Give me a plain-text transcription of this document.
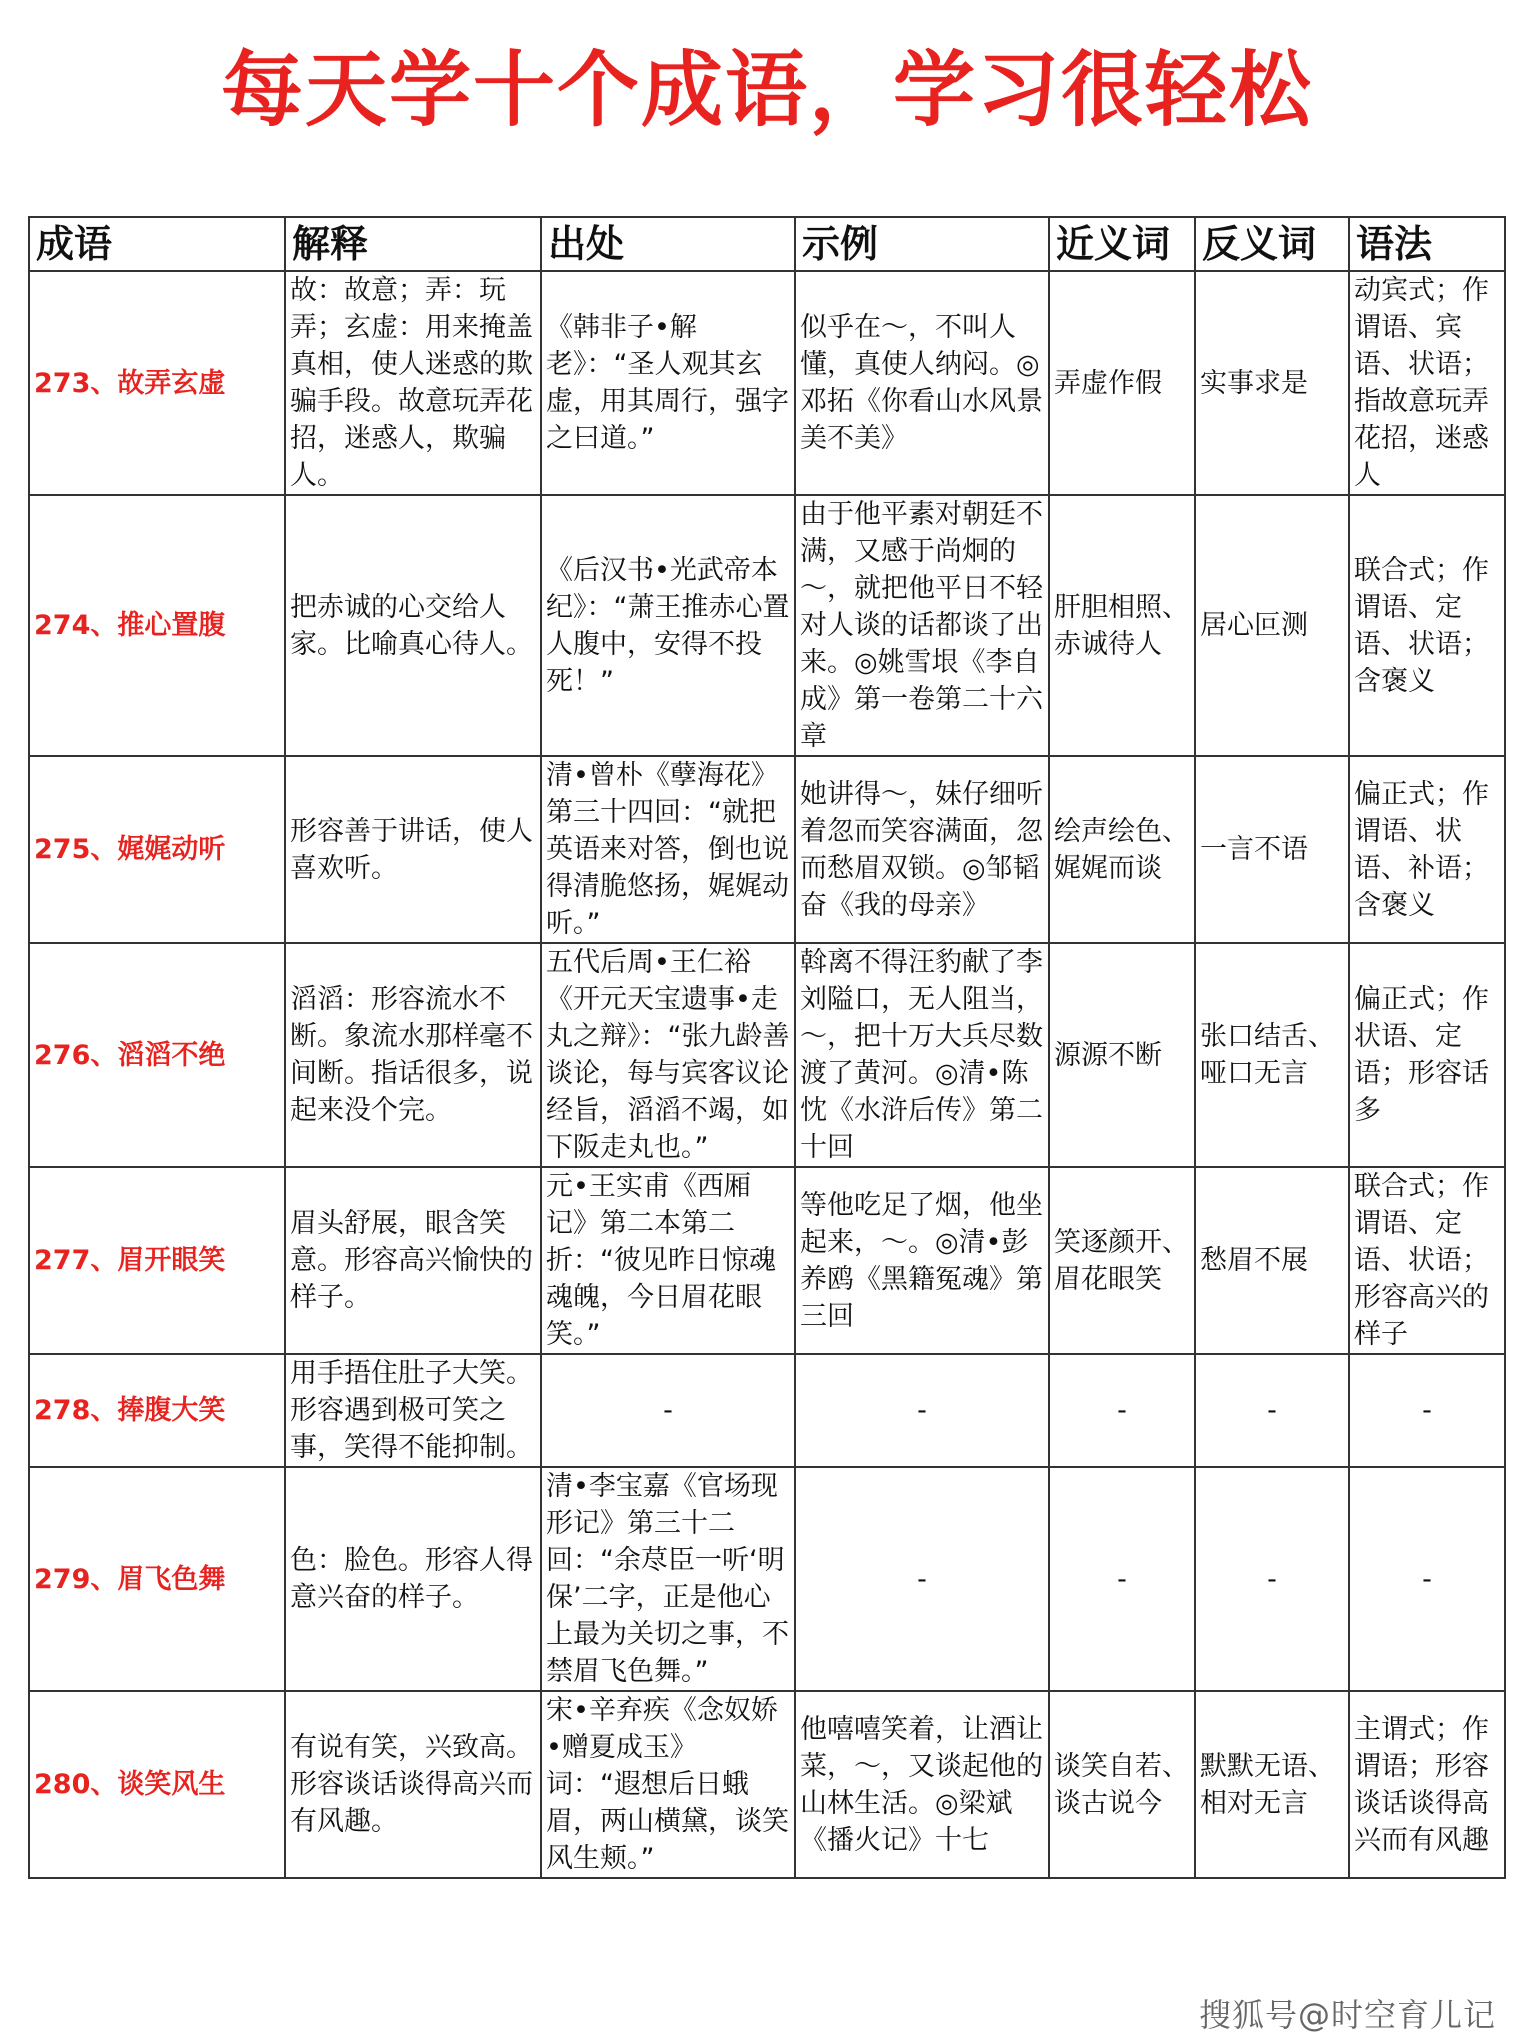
每天学十个成语，学习很轻松
成语	解释	出处	示例	近义词	反义词	语法
273、故弄玄虚	故：故意；弄：玩弄；玄虚：用来掩盖真相，使人迷惑的欺骗手段。故意玩弄花招，迷惑人，欺骗人。	《韩非子•解老》：“圣人观其玄虚，用其周行，强字之曰道。”	似乎在～，不叫人懂，真使人纳闷。◎邓拓《你看山水风景美不美》	弄虚作假	实事求是	动宾式；作谓语、宾语、状语；指故意玩弄花招，迷惑人
274、推心置腹	把赤诚的心交给人家。比喻真心待人。	《后汉书•光武帝本纪》：“萧王推赤心置人腹中，安得不投死！”	由于他平素对朝廷不满，又感于尚炯的～，就把他平日不轻对人谈的话都谈了出来。◎姚雪垠《李自成》第一卷第二十六章	肝胆相照、赤诚待人	居心叵测	联合式；作谓语、定语、状语；含褒义
275、娓娓动听	形容善于讲话，使人喜欢听。	清•曾朴《孽海花》第三十四回：“就把英语来对答，倒也说得清脆悠扬，娓娓动听。”	她讲得～，妹仔细听着忽而笑容满面，忽而愁眉双锁。◎邹韬奋《我的母亲》	绘声绘色、娓娓而谈	一言不语	偏正式；作谓语、状语、补语；含褒义
276、滔滔不绝	滔滔：形容流水不断。象流水那样毫不间断。指话很多，说起来没个完。	五代后周•王仁裕《开元天宝遗事•走丸之辩》：“张九龄善谈论，每与宾客议论经旨，滔滔不竭，如下阪走丸也。”	斡离不得汪豹献了李刘隘口，无人阻当，～，把十万大兵尽数渡了黄河。◎清•陈忱《水浒后传》第二十回	源源不断	张口结舌、哑口无言	偏正式；作状语、定语；形容话多
277、眉开眼笑	眉头舒展，眼含笑意。形容高兴愉快的样子。	元•王实甫《西厢记》第二本第二折：“彼见昨日惊魂魂魄，今日眉花眼笑。”	等他吃足了烟，他坐起来，～。◎清•彭养鸥《黑籍冤魂》第三回	笑逐颜开、眉花眼笑	愁眉不展	联合式；作谓语、定语、状语；形容高兴的样子
278、捧腹大笑	用手捂住肚子大笑。形容遇到极可笑之事，笑得不能抑制。	-	-	-	-	-
279、眉飞色舞	色：脸色。形容人得意兴奋的样子。	清•李宝嘉《官场现形记》第三十二回：“余荩臣一听‘明保’二字，正是他心上最为关切之事，不禁眉飞色舞。”	-	-	-	-
280、谈笑风生	有说有笑，兴致高。形容谈话谈得高兴而有风趣。	宋•辛弃疾《念奴娇•赠夏成玉》词：“遐想后日蛾眉，两山横黛，谈笑风生颊。”	他嘻嘻笑着，让酒让菜，～，又谈起他的山林生活。◎梁斌《播火记》十七	谈笑自若、谈古说今	默默无语、相对无言	主谓式；作谓语；形容谈话谈得高兴而有风趣
搜狐号@时空育儿记
